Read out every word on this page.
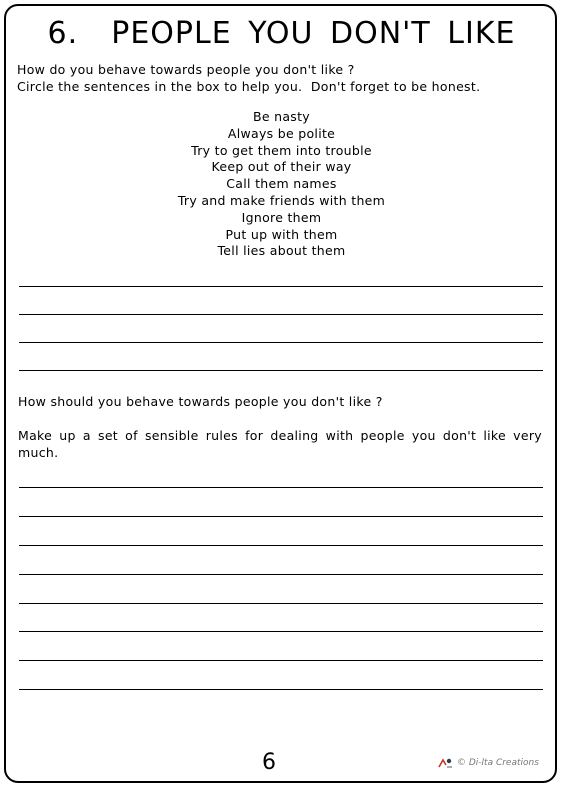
6.  PEOPLE YOU DON'T LIKE
How do you behave towards people you don't like ?
Circle the sentences in the box to help you.  Don't forget to be honest.
Be nasty
Always be polite
Try to get them into trouble
Keep out of their way
Call them names
Try and make friends with them
Ignore them
Put up with them
Tell lies about them
How should you behave towards people you don't like ?
Make up a set of sensible rules for dealing with people you don't like very much.
6	© Di-lta Creations
